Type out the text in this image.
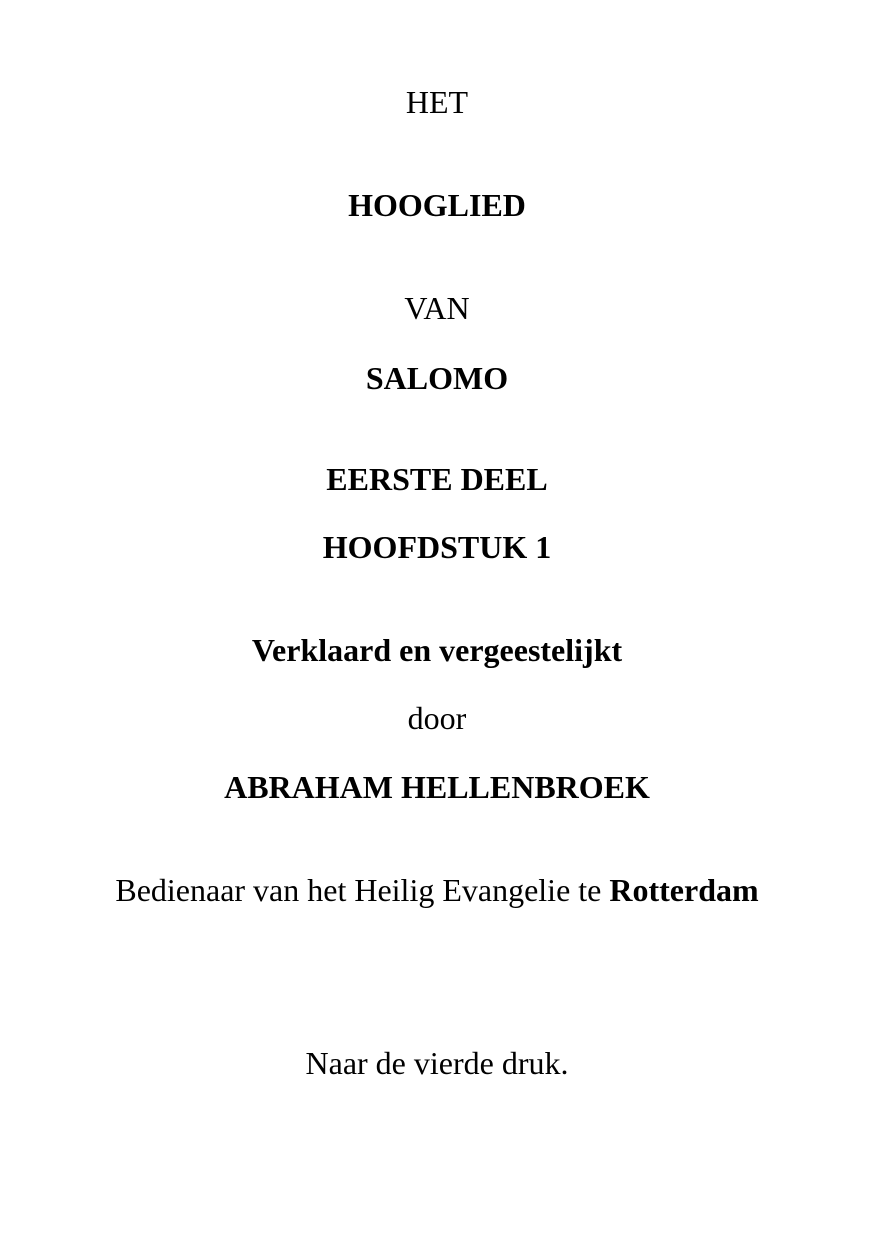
HET
HOOGLIED
VAN
SALOMO
EERSTE DEEL
HOOFDSTUK 1
Verklaard en vergeestelijkt
door
ABRAHAM HELLENBROEK
Bedienaar van het Heilig Evangelie te Rotterdam
Naar de vierde druk.
